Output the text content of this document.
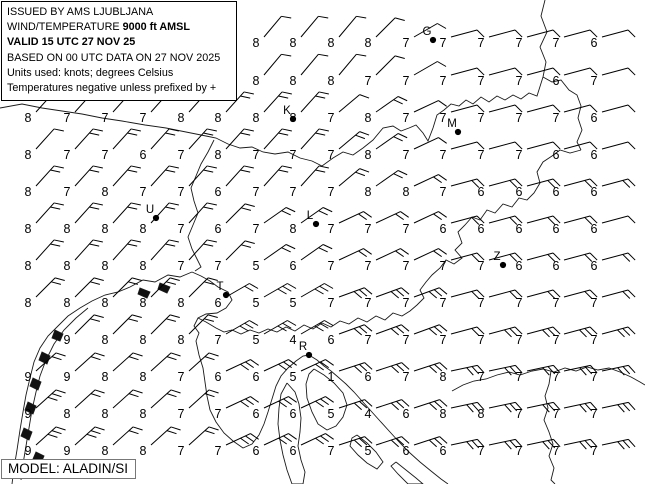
8 8 8 8 7 7 7 7 7 6
8 8 8 7 7 7 7 7 6 7
8	7 7 7 8 8 8	7 8 7 7 7 7 7 6
8	7 7 6 7 8 7 7 7 8 7 7 7 7 6 6
8	7 8 7 7 6 7 7 7 8 8 7 6 6 6 6
8	8 8 8 7 6 7 8 7 7 7 6 6 6 6 6
8	8 8 8 7 7 5 6 7 7 7 7 7 6 6 6
8	8 8 8 8 6 5 5 7 7 7 7 7 7 7 7
9 8 8 8 7 5 4 6 7 7 7 7 7 7 7
9	9 8 8 7 6 6 5 1 6 7 8 7 7 7 7
9	8 8 8 7 7 6 6 5 4 6 8 8 7 7 7
9	9 8 8 7 7 6 6 7 5 6 6 7 7 7 7
G
K
M
U	L
Z
T
R
ISSUED BY AMS LJUBLJANA
WIND/TEMPERATURE 9000 ft AMSL
VALID 15 UTC 27 NOV 25
BASED ON 00 UTC DATA ON 27 NOV 2025
Units used: knots; degrees Celsius
Temperatures negative unless prefixed by +
MODEL: ALADIN/SI
